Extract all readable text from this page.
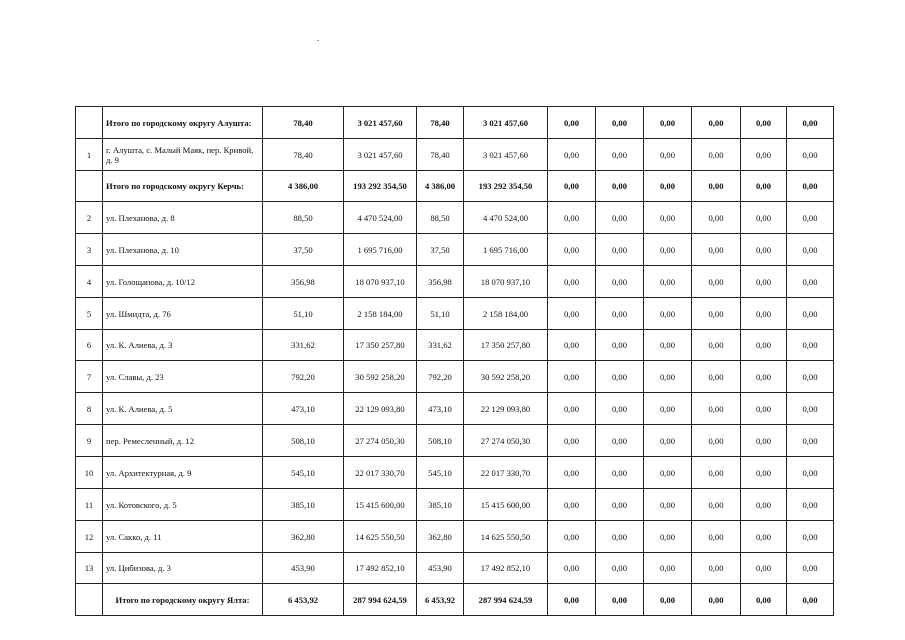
	Итого по городскому округу Алушта:	78,40	3 021 457,60	78,40	3 021 457,60	0,00	0,00	0,00	0,00	0,00	0,00
1	г. Алушта, с. Малый Маяк, пер. Кривой, д. 9	78,40	3 021 457,60	78,40	3 021 457,60	0,00	0,00	0,00	0,00	0,00	0,00
	Итого по городскому округу Керчь:	4 386,00	193 292 354,50	4 386,00	193 292 354,50	0,00	0,00	0,00	0,00	0,00	0,00
2	ул. Плеханова, д. 8	88,50	4 470 524,00	88,50	4 470 524,00	0,00	0,00	0,00	0,00	0,00	0,00
3	ул. Плеханова, д. 10	37,50	1 695 716,00	37,50	1 695 716,00	0,00	0,00	0,00	0,00	0,00	0,00
4	ул. Голощапова, д. 10/12	356,98	18 070 937,10	356,98	18 070 937,10	0,00	0,00	0,00	0,00	0,00	0,00
5	ул. Шмидта, д. 76	51,10	2 158 184,00	51,10	2 158 184,00	0,00	0,00	0,00	0,00	0,00	0,00
6	ул. К. Алиева, д. 3	331,62	17 350 257,80	331,62	17 350 257,80	0,00	0,00	0,00	0,00	0,00	0,00
7	ул. Славы, д. 23	792,20	30 592 258,20	792,20	30 592 258,20	0,00	0,00	0,00	0,00	0,00	0,00
8	ул. К. Алиева, д. 5	473,10	22 129 093,80	473,10	22 129 093,80	0,00	0,00	0,00	0,00	0,00	0,00
9	пер. Ремесленный, д. 12	508,10	27 274 050,30	508,10	27 274 050,30	0,00	0,00	0,00	0,00	0,00	0,00
10	ул. Архитектурная, д. 9	545,10	22 017 330,70	545,10	22 017 330,70	0,00	0,00	0,00	0,00	0,00	0,00
11	ул. Котовского, д. 5	385,10	15 415 600,00	385,10	15 415 600,00	0,00	0,00	0,00	0,00	0,00	0,00
12	ул. Сакко, д. 11	362,80	14 625 550,50	362,80	14 625 550,50	0,00	0,00	0,00	0,00	0,00	0,00
13	ул. Цибизова, д. 3	453,90	17 492 852,10	453,90	17 492 852,10	0,00	0,00	0,00	0,00	0,00	0,00
	Итого по городскому округу Ялта:	6 453,92	287 994 624,59	6 453,92	287 994 624,59	0,00	0,00	0,00	0,00	0,00	0,00
